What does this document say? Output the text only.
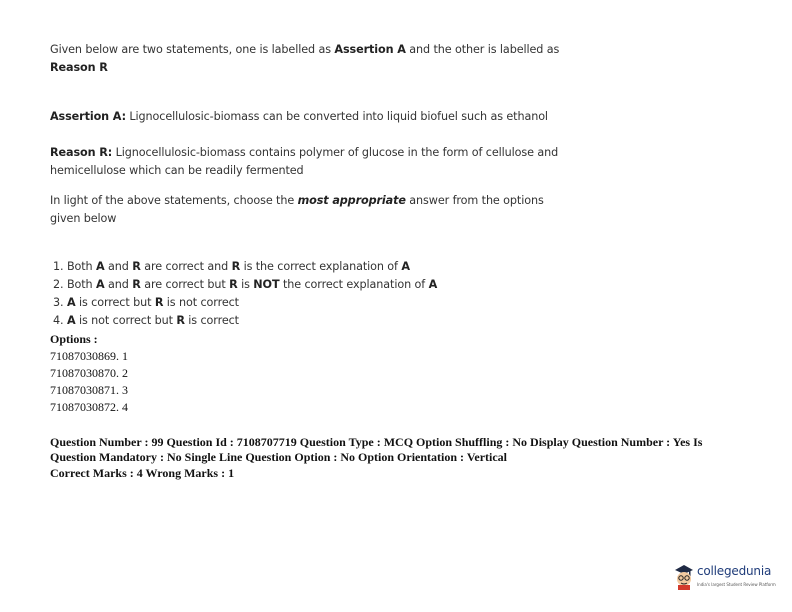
Given below are two statements, one is labelled as Assertion A and the other is labelled as
Reason R
Assertion A: Lignocellulosic-biomass can be converted into liquid biofuel such as ethanol
Reason R: Lignocellulosic-biomass contains polymer of glucose in the form of cellulose and
hemicellulose which can be readily fermented
In light of the above statements, choose the most appropriate answer from the options
given below
1. Both A and R are correct and R is the correct explanation of A
2. Both A and R are correct but R is NOT the correct explanation of A
3. A is correct but R is not correct
4. A is not correct but R is correct
Options :
71087030869. 1
71087030870. 2
71087030871. 3
71087030872. 4
Question Number : 99 Question Id : 7108707719 Question Type : MCQ Option Shuffling : No Display Question Number : Yes Is
Question Mandatory : No Single Line Question Option : No Option Orientation : Vertical
Correct Marks : 4 Wrong Marks : 1
collegedunia
India's largest Student Review Platform
